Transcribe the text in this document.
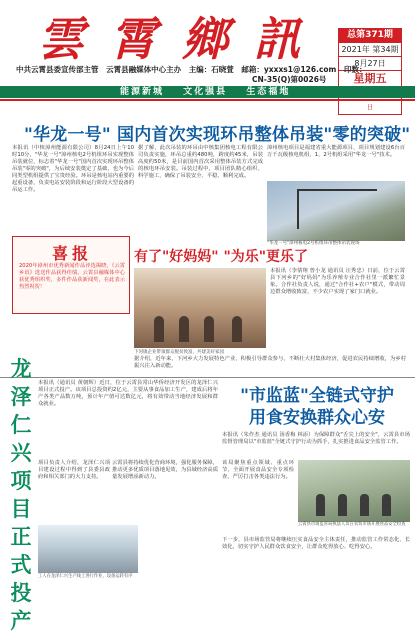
雲霄鄉訊	总第371期
2021年 第34期
8月27日
星期五
日
中共云霄县委宣传部主管 云霄县融媒体中心主办 主编：石晓萱 邮箱：yxxxs1@126.com 印数：
CN-35(Q)第0026号
能源新城 文化强县 生态福地
"华龙一号" 国内首次实现环吊整体吊装"零的突破"
本报讯（中核漳州能源有限公司）8月24日上午10时10分，"华龙一号"漳州核电2号机组环吊实现整体吊装就位，标志着"华龙一号"国内首次实现环吊整体吊装"零的突破"，为后续安装奠定了基础，也为今后同类型机组提供了宝贵经验。环吊是核电站内重要的起重设备，负责电站安装阶段和运行阶段大型设备的吊运工作。
据了解，此次吊装的环吊由中核集团核电工程有限公司负责实施，环吊总重约480吨，跨度约45米，吊装高度约50米，是目前国内首次采用整体吊装方式完成的核电环吊安装。吊装过程中，项目团队精心组织、科学施工，确保了吊装安全、平稳、顺利完成。
漳州核电项目是福建省重大能源项目，项目规划建设6台百万千瓦级核电机组，1、2号机组采用"华龙一号"技术。
"华龙一号"漳州核电2号机组环吊整体吊装现场
喜报
2020年漳州市优秀新闻作品评选揭晓，《云霄乡讯》选送作品获得佳绩。云霄县融媒体中心获优秀组织奖，多件作品获新闻奖，在此表示热烈祝贺！
有了"好妈妈" "为乐"更乐了
下河镇企业带领群众脱贫致富，共建美好家园
本报讯（李倩翔 曾小龙 通讯员 汪秀忠）日前，位于云霄县下河乡的"好妈妈"为乐养殖专业合作社里一派繁忙景象。合作社负责人说，通过"合作社+农户"模式，带动周边群众增收致富，不少农户实现了家门口就业。
据介绍，近年来，下河乡大力发展特色产业，积极引导群众参与，不断壮大村集体经济，促进农民持续增收，为乡村振兴注入新动能。
龙泽仁兴项目正式投产
本报讯（通讯员 黄朝辉）近日，位于云霄县常山华侨经济开发区的龙泽仁兴项目正式投产。该项目总投资约2亿元，主要从事食品加工生产，建成后将年产各类产品数万吨，预计年产值可达数亿元，将有效带动当地经济发展和群众就业。
项目负责人介绍，龙泽仁兴项目建设过程中得到了县委县政府和相关部门的大力支持。
云霄县将持续优化营商环境，强化服务保障，推动更多优质项目落地见效，为县域经济高质量发展增添新动力。
工人在龙泽仁兴生产线上进行作业，设备运转有序
"市监蓝"全链式守护
用食安换群众心安
本报讯（朱作杰 通讯员 汤香梅 林添）为保障群众"舌尖上的安全"，云霄县市场监督管理局以"市监蓝"全链式守护行动为抓手，扎实推进食品安全监管工作。
该局聚焦重点领域、重点环节，全面开展食品安全专项检查，严厉打击各类违法行为。
云霄县市场监管局执法人员在农贸市场开展食品安全检查
下一步，县市场监管局将继续压实食品安全主体责任，推动监管工作常态化、长效化，切实守护人民群众饮食安全，让群众吃得放心、吃得安心。
